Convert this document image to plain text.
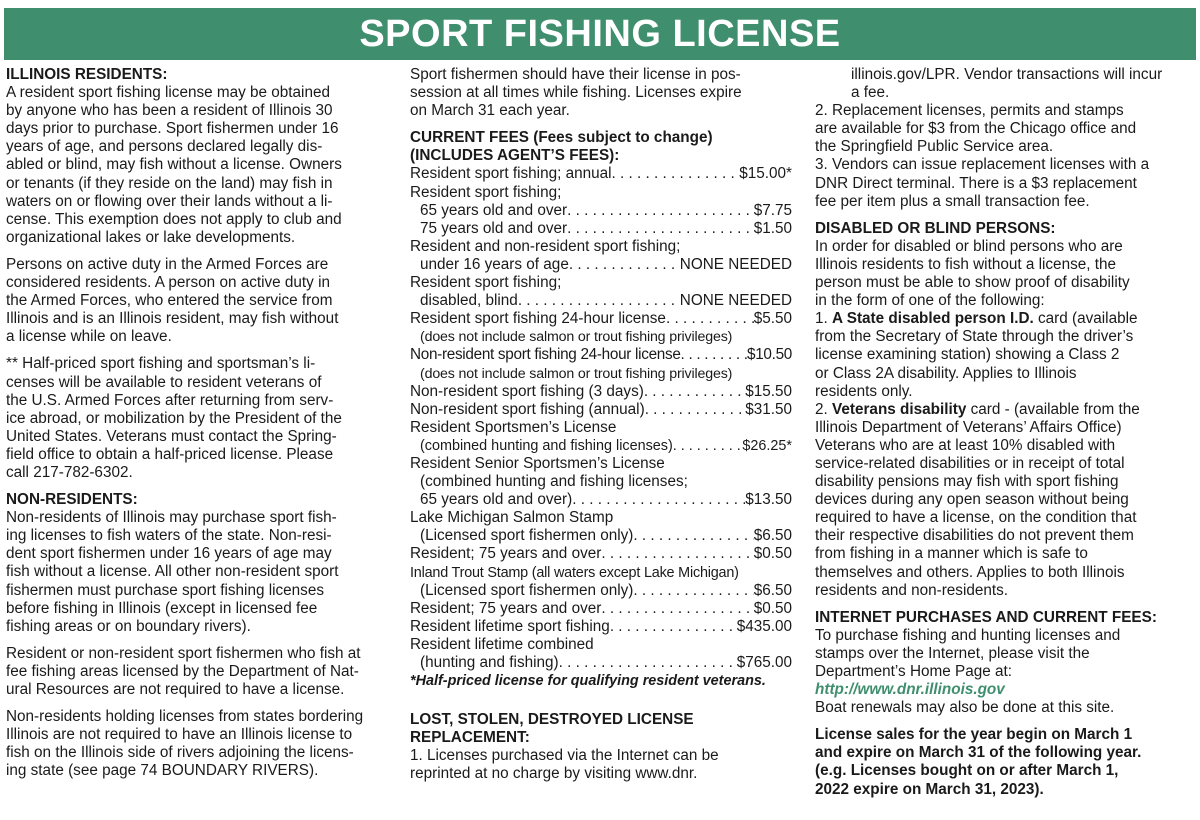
SPORT FISHING LICENSE
ILLINOIS RESIDENTS:
A resident sport fishing license may be obtained
by anyone who has been a resident of Illinois 30
days prior to purchase. Sport fishermen under 16
years of age, and persons declared legally dis-
abled or blind, may fish without a license. Owners
or tenants (if they reside on the land) may fish in
waters on or flowing over their lands without a li-
cense. This exemption does not apply to club and
organizational lakes or lake developments.
Persons on active duty in the Armed Forces are
considered residents. A person on active duty in
the Armed Forces, who entered the service from
Illinois and is an Illinois resident, may fish without
a license while on leave.
** Half-priced sport fishing and sportsman’s li-
censes will be available to resident veterans of
the U.S. Armed Forces after returning from serv-
ice abroad, or mobilization by the President of the
United States. Veterans must contact the Spring-
field office to obtain a half-priced license. Please
call 217-782-6302.
NON-RESIDENTS:
Non-residents of Illinois may purchase sport fish-
ing licenses to fish waters of the state. Non-resi-
dent sport fishermen under 16 years of age may
fish without a license. All other non-resident sport
fishermen must purchase sport fishing licenses
before fishing in Illinois (except in licensed fee
fishing areas or on boundary rivers).
Resident or non-resident sport fishermen who fish at
fee fishing areas licensed by the Department of Nat-
ural Resources are not required to have a license.
Non-residents holding licenses from states bordering
Illinois are not required to have an Illinois license to
fish on the Illinois side of rivers adjoining the licens-
ing state (see page 74 BOUNDARY RIVERS).
Sport fishermen should have their license in pos-
session at all times while fishing. Licenses expire
on March 31 each year.
CURRENT FEES (Fees subject to change)
(INCLUDES AGENT’S FEES):
Resident sport fishing; annual . . .	$15.00*
Resident sport fishing;
65 years old and over . . .	$7.75
75 years old and over . . .	$1.50
Resident and non-resident sport fishing;
under 16 years of age . . .	NONE NEEDED
Resident sport fishing;
disabled, blind . . .	NONE NEEDED
Resident sport fishing 24-hour license . . .	$5.50
(does not include salmon or trout fishing privileges)
Non-resident sport fishing 24-hour license . . .	$10.50
(does not include salmon or trout fishing privileges)
Non-resident sport fishing (3 days) . . .	$15.50
Non-resident sport fishing (annual) . . .	$31.50
Resident Sportsmen’s License
(combined hunting and fishing licenses) . . .	$26.25*
Resident Senior Sportsmen’s License
(combined hunting and fishing licenses;
65 years old and over) . . .	$13.50
Lake Michigan Salmon Stamp
(Licensed sport fishermen only) . . .	$6.50
Resident; 75 years and over . . .	$0.50
Inland Trout Stamp (all waters except Lake Michigan)
(Licensed sport fishermen only) . . .	$6.50
Resident; 75 years and over . . .	$0.50
Resident lifetime sport fishing . . .	$435.00
Resident lifetime combined
(hunting and fishing) . . .	$765.00
*Half-priced license for qualifying resident veterans.
LOST, STOLEN, DESTROYED LICENSE
REPLACEMENT:
1. Licenses purchased via the Internet can be
reprinted at no charge by visiting www.dnr.
illinois.gov/LPR. Vendor transactions will incur
a fee.
2. Replacement licenses, permits and stamps
are available for $3 from the Chicago office and
the Springfield Public Service area.
3. Vendors can issue replacement licenses with a
DNR Direct terminal. There is a $3 replacement
fee per item plus a small transaction fee.
DISABLED OR BLIND PERSONS:
In order for disabled or blind persons who are
Illinois residents to fish without a license, the
person must be able to show proof of disability
in the form of one of the following:
1. A State disabled person I.D. card (available
from the Secretary of State through the driver’s
license examining station) showing a Class 2
or Class 2A disability. Applies to Illinois
residents only.
2. Veterans disability card - (available from the
Illinois Department of Veterans’ Affairs Office)
Veterans who are at least 10% disabled with
service-related disabilities or in receipt of total
disability pensions may fish with sport fishing
devices during any open season without being
required to have a license, on the condition that
their respective disabilities do not prevent them
from fishing in a manner which is safe to
themselves and others. Applies to both Illinois
residents and non-residents.
INTERNET PURCHASES AND CURRENT FEES:
To purchase fishing and hunting licenses and
stamps over the Internet, please visit the
Department’s Home Page at:
http://www.dnr.illinois.gov
Boat renewals may also be done at this site.
License sales for the year begin on March 1
and expire on March 31 of the following year.
(e.g. Licenses bought on or after March 1,
2022 expire on March 31, 2023).
